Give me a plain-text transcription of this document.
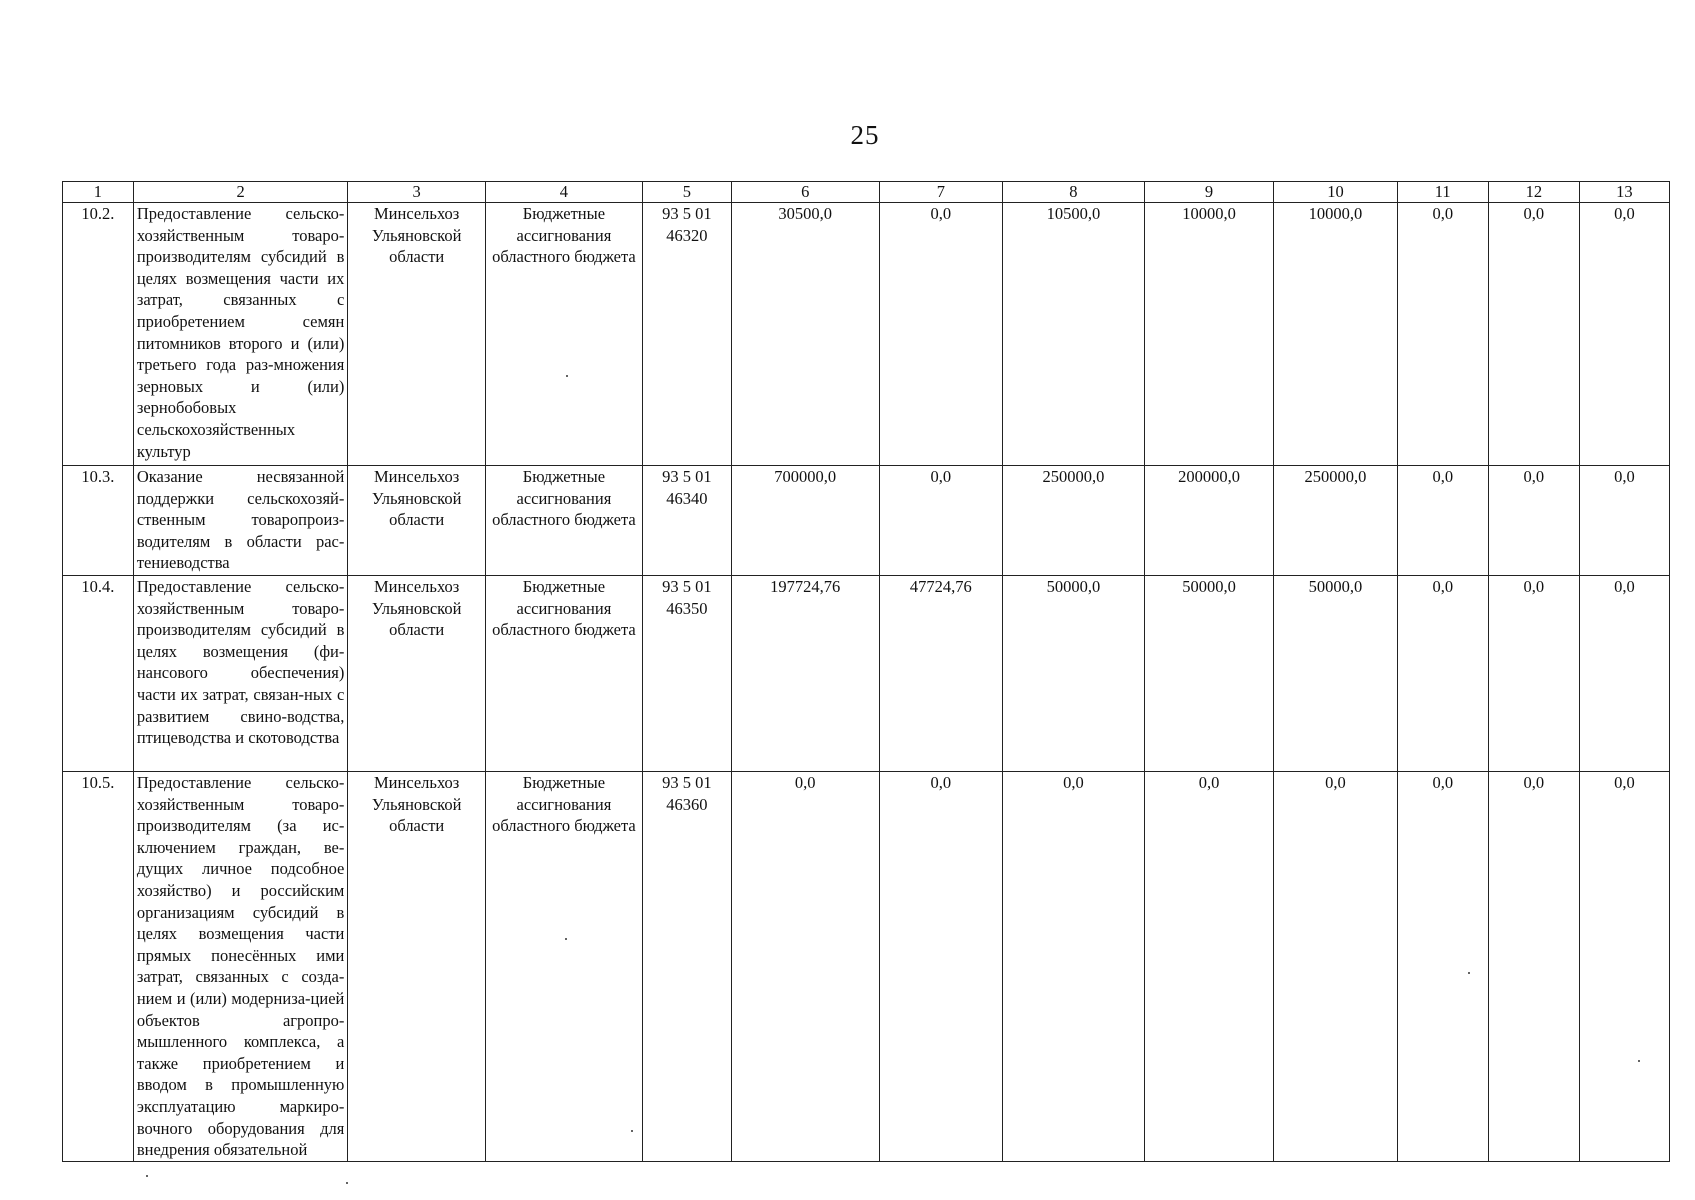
25
1	2	3	4	5	6	7	8	9	10	11	12	13
10.2.	Предоставление сельско-хозяйственным товаро-производителям субсидий в целях возмещения части их затрат, связанных с приобретением семян питомников второго и (или) третьего года раз-множения зерновых и (или) зернобобовых сельскохозяйственных культур	Минсельхоз Ульяновской области	Бюджетные ассигнования областного бюджета	93 5 01 46320	30500,0	0,0	10500,0	10000,0	10000,0	0,0	0,0	0,0
10.3.	Оказание несвязанной поддержки сельскохозяй-ственным товаропроиз-водителям в области рас-тениеводства	Минсельхоз Ульяновской области	Бюджетные ассигнования областного бюджета	93 5 01 46340	700000,0	0,0	250000,0	200000,0	250000,0	0,0	0,0	0,0
10.4.	Предоставление сельско-хозяйственным товаро-производителям субсидий в целях возмещения (фи-нансового обеспечения) части их затрат, связан-ных с развитием свино-водства, птицеводства и скотоводства	Минсельхоз Ульяновской области	Бюджетные ассигнования областного бюджета	93 5 01 46350	197724,76	47724,76	50000,0	50000,0	50000,0	0,0	0,0	0,0
10.5.	Предоставление сельско-хозяйственным товаро-производителям (за ис-ключением граждан, ве-дущих личное подсобное хозяйство) и российским организациям субсидий в целях возмещения части прямых понесённых ими затрат, связанных с созда-нием и (или) модерниза-цией объектов агропро-мышленного комплекса, а также приобретением и вводом в промышленную эксплуатацию маркиро-вочного оборудования для внедрения обязательной	Минсельхоз Ульяновской области	Бюджетные ассигнования областного бюджета	93 5 01 46360	0,0	0,0	0,0	0,0	0,0	0,0	0,0	0,0
